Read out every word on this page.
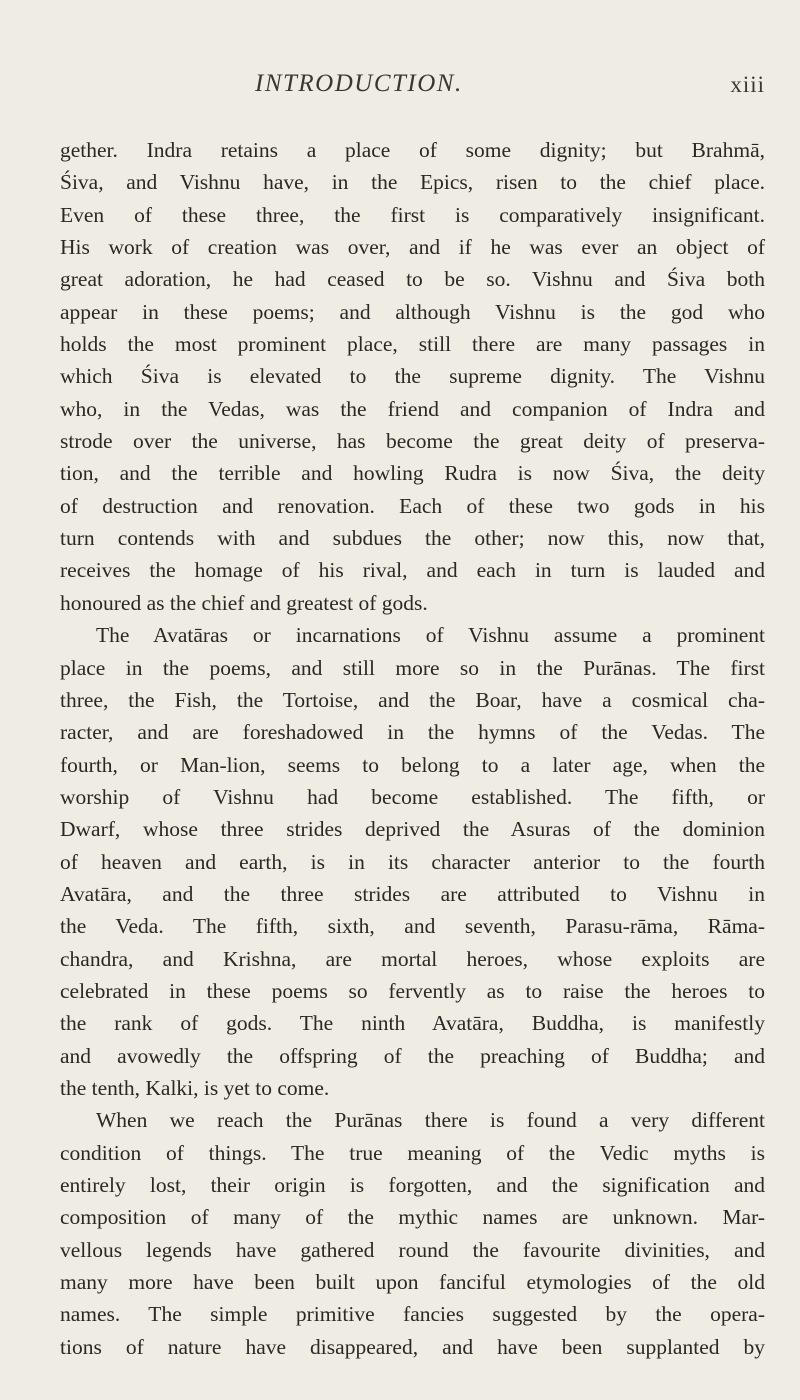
INTRODUCTION.	xiii
gether. Indra retains a place of some dignity; but Brahmā,
Śiva, and Vishnu have, in the Epics, risen to the chief place.
Even of these three, the first is comparatively insignificant.
His work of creation was over, and if he was ever an object of
great adoration, he had ceased to be so. Vishnu and Śiva both
appear in these poems; and although Vishnu is the god who
holds the most prominent place, still there are many passages in
which Śiva is elevated to the supreme dignity. The Vishnu
who, in the Vedas, was the friend and companion of Indra and
strode over the universe, has become the great deity of preserva-
tion, and the terrible and howling Rudra is now Śiva, the deity
of destruction and renovation. Each of these two gods in his
turn contends with and subdues the other; now this, now that,
receives the homage of his rival, and each in turn is lauded and
honoured as the chief and greatest of gods.
The Avatāras or incarnations of Vishnu assume a prominent
place in the poems, and still more so in the Purānas. The first
three, the Fish, the Tortoise, and the Boar, have a cosmical cha-
racter, and are foreshadowed in the hymns of the Vedas. The
fourth, or Man-lion, seems to belong to a later age, when the
worship of Vishnu had become established. The fifth, or
Dwarf, whose three strides deprived the Asuras of the dominion
of heaven and earth, is in its character anterior to the fourth
Avatāra, and the three strides are attributed to Vishnu in
the Veda. The fifth, sixth, and seventh, Parasu-rāma, Rāma-
chandra, and Krishna, are mortal heroes, whose exploits are
celebrated in these poems so fervently as to raise the heroes to
the rank of gods. The ninth Avatāra, Buddha, is manifestly
and avowedly the offspring of the preaching of Buddha; and
the tenth, Kalki, is yet to come.
When we reach the Purānas there is found a very different
condition of things. The true meaning of the Vedic myths is
entirely lost, their origin is forgotten, and the signification and
composition of many of the mythic names are unknown. Mar-
vellous legends have gathered round the favourite divinities, and
many more have been built upon fanciful etymologies of the old
names. The simple primitive fancies suggested by the opera-
tions of nature have disappeared, and have been supplanted by
